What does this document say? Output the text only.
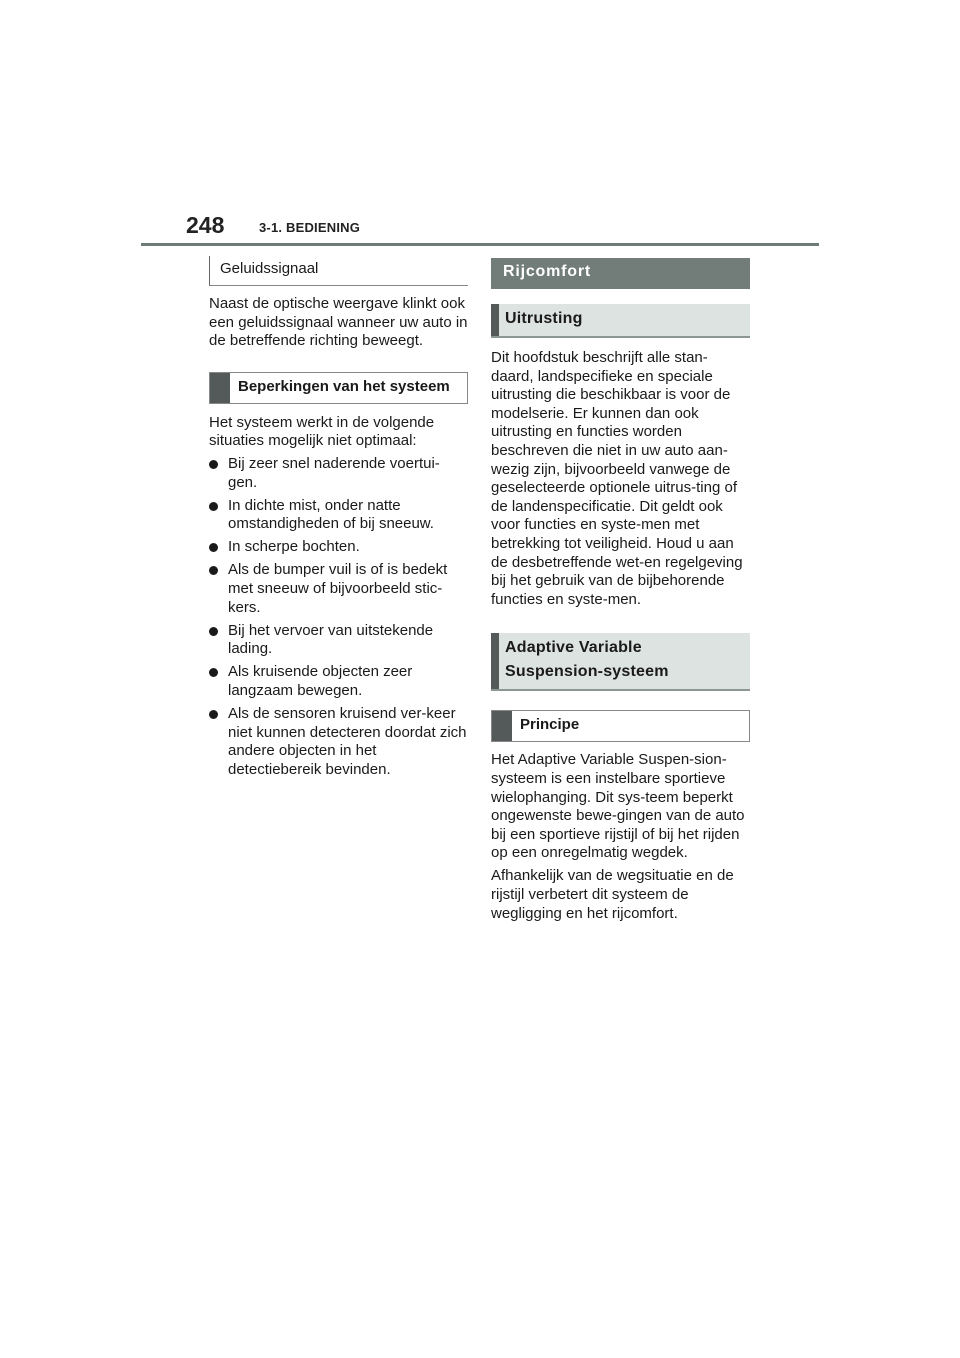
248	3-1. BEDIENING
Geluidssignaal

Naast de optische weergave klinkt ook een geluidssignaal wanneer uw auto in de betreffende richting beweegt.

Beperkingen van het systeem

Het systeem werkt in de volgende situaties mogelijk niet optimaal:

Bij zeer snel naderende voertui-gen.
In dichte mist, onder natte omstandigheden of bij sneeuw.
In scherpe bochten.
Als de bumper vuil is of is bedekt met sneeuw of bijvoorbeeld stic-kers.
Bij het vervoer van uitstekende lading.
Als kruisende objecten zeer langzaam bewegen.
Als de sensoren kruisend ver-keer niet kunnen detecteren doordat zich andere objecten in het detectiebereik bevinden.
Rijcomfort
Uitrusting

Dit hoofdstuk beschrijft alle stan-daard, landspecifieke en speciale uitrusting die beschikbaar is voor de modelserie. Er kunnen dan ook uitrusting en functies worden beschreven die niet in uw auto aan-wezig zijn, bijvoorbeeld vanwege de geselecteerde optionele uitrus-ting of de landenspecificatie. Dit geldt ook voor functies en syste-men met betrekking tot veiligheid. Houd u aan de desbetreffende wet-en regelgeving bij het gebruik van de bijbehorende functies en syste-men.

Adaptive Variable Suspension-systeem
Principe

Het Adaptive Variable Suspen-sion-systeem is een instelbare sportieve wielophanging. Dit sys-teem beperkt ongewenste bewe-gingen van de auto bij een sportieve rijstijl of bij het rijden op een onregelmatig wegdek.

Afhankelijk van de wegsituatie en de rijstijl verbetert dit systeem de wegligging en het rijcomfort.
